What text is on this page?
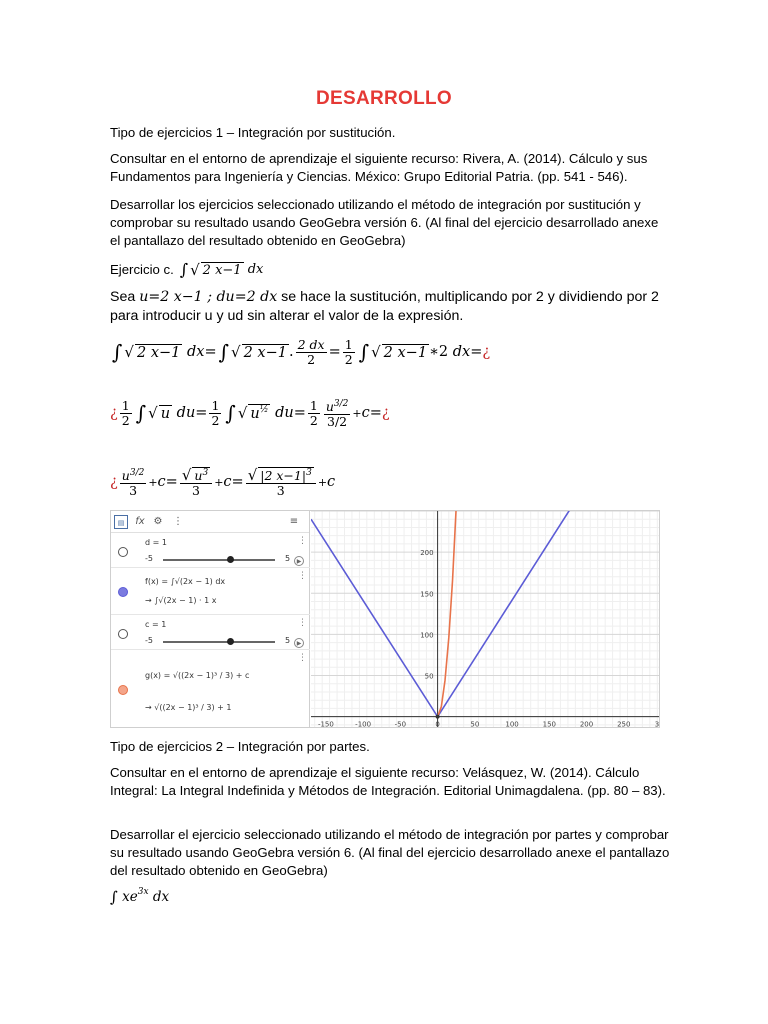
DESARROLLO
Tipo de ejercicios 1 – Integración por sustitución.
Consultar en el entorno de aprendizaje el siguiente recurso: Rivera, A. (2014). Cálculo y sus Fundamentos para Ingeniería y Ciencias. México: Grupo Editorial Patria. (pp. 541 - 546).
Desarrollar los ejercicios seleccionado utilizando el método de integración por sustitución y comprobar su resultado usando GeoGebra versión 6. (Al final del ejercicio desarrollado anexe el pantallazo del resultado obtenido en GeoGebra)
Ejercicio c. ∫ √ 2 x−1
dx
Sea u=2 x−1 ; du=2 dx se hace la sustitución, multiplicando por 2 y dividiendo por 2 para introducir u y ud sin alterar el valor de la expresión.
∫ √ 2 x−1
dx = ∫ √ 2 x−1 . $\frac{2 dx}{2} = \frac{1}{2}$ ∫ √ 2 x−1 ∗2 dx = ¿
¿ $\frac{1}{2}$ ∫ √ u
du = $\frac{1}{2}$ ∫ √ $u^{\frac{1}{2}}$
du = $\frac{1}{2} \frac{u^{3/2}}{3/2} + c$ = ¿
¿ $\frac{u^{3/2}}{3} + c = \frac{√ u^3}{3} + c = \frac{√ |2 x-1|^3}{3} + c$
▤	fx ⚙ ⋮	≡
d = 1
-5	5	▶
⋮
f(x) = ∫√(2x − 1) dx
→ ∫√(2x − 1) · 1 x
⋮
c = 1
-5	5	▶
⋮
g(x) = √((2x − 1)³ / 3) + c
→ √((2x − 1)³ / 3) + 1
⋮
-150	-100	-50	0	50	100	150	200	250	3
200
150
100
50
Tipo de ejercicios 2 – Integración por partes.
Consultar en el entorno de aprendizaje el siguiente recurso: Velásquez, W. (2014). Cálculo Integral: La Integral Indefinida y Métodos de Integración. Editorial Unimagdalena. (pp. 80 – 83).
Desarrollar el ejercicio seleccionado utilizando el método de integración por partes y comprobar su resultado usando GeoGebra versión 6. (Al final del ejercicio desarrollado anexe el pantallazo del resultado obtenido en GeoGebra)
∫
xe 3x
dx
